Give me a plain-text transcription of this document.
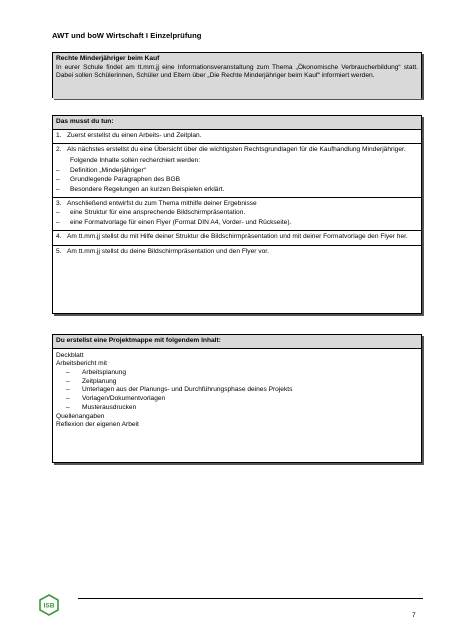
AWT und boW Wirtschaft I Einzelprüfung
Rechte Minderjähriger beim Kauf
In eurer Schule findet am tt.mm.jj eine Informationsveranstaltung zum Thema „Ökonomische Verbraucherbildung“ statt. Dabei sollen Schülerinnen, Schüler und Eltern über „Die Rechte Minderjähriger beim Kauf“ informiert werden.
Das musst du tun:
1. Zuerst erstellst du einen Arbeits- und Zeitplan.
2. Als nächstes erstellst du eine Übersicht über die wichtigsten Rechtsgrundlagen für die Kaufhandlung Minderjähriger.
Folgende Inhalte sollen recherchiert werden:
–	Definition „Minderjähriger“
–	Grundlegende Paragraphen des BGB
–	Besondere Regelungen an kurzen Beispielen erklärt.
3. Anschließend entwirfst du zum Thema mithilfe deiner Ergebnisse
–	eine Struktur für eine ansprechende Bildschirmpräsentation.
–	eine Formatvorlage für einen Flyer (Format DIN A4, Vorder- und Rückseite).
4. Am tt.mm.jj stellst du mit Hilfe deiner Struktur die Bildschirmpräsentation und mit deiner Formatvorlage den Flyer her.
5. Am tt.mm.jj stellst du deine Bildschirmpräsentation und den Flyer vor.
Du erstellst eine Projektmappe mit folgendem Inhalt:
Deckblatt
Arbeitsbericht mit
–	Arbeitsplanung
–	Zeitplanung
–	Unterlagen aus der Planungs- und Durchführungsphase deines Projekts
–	Vorlagen/Dokumentvorlagen
–	Musterausdrucken
Quellenangaben
Reflexion der eigenen Arbeit
ISB
7
